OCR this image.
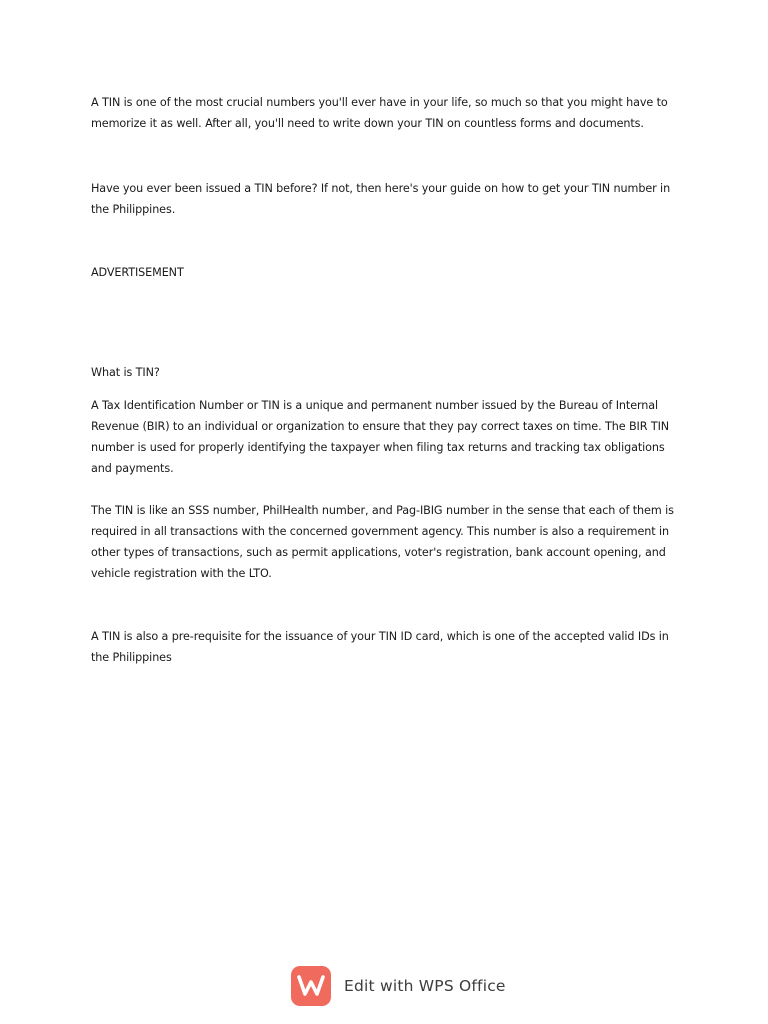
A TIN is one of the most crucial numbers you'll ever have in your life, so much so that you might have to memorize it as well. After all, you'll need to write down your TIN on countless forms and documents.

Have you ever been issued a TIN before? If not, then here's your guide on how to get your TIN number in the Philippines.

ADVERTISEMENT

What is TIN?

A Tax Identification Number or TIN is a unique and permanent number issued by the Bureau of Internal Revenue (BIR) to an individual or organization to ensure that they pay correct taxes on time. The BIR TIN number is used for properly identifying the taxpayer when filing tax returns and tracking tax obligations and payments.

The TIN is like an SSS number, PhilHealth number, and Pag-IBIG number in the sense that each of them is required in all transactions with the concerned government agency. This number is also a requirement in other types of transactions, such as permit applications, voter's registration, bank account opening, and vehicle registration with the LTO.

A TIN is also a pre-requisite for the issuance of your TIN ID card, which is one of the accepted valid IDs in the Philippines

Edit with WPS Office
